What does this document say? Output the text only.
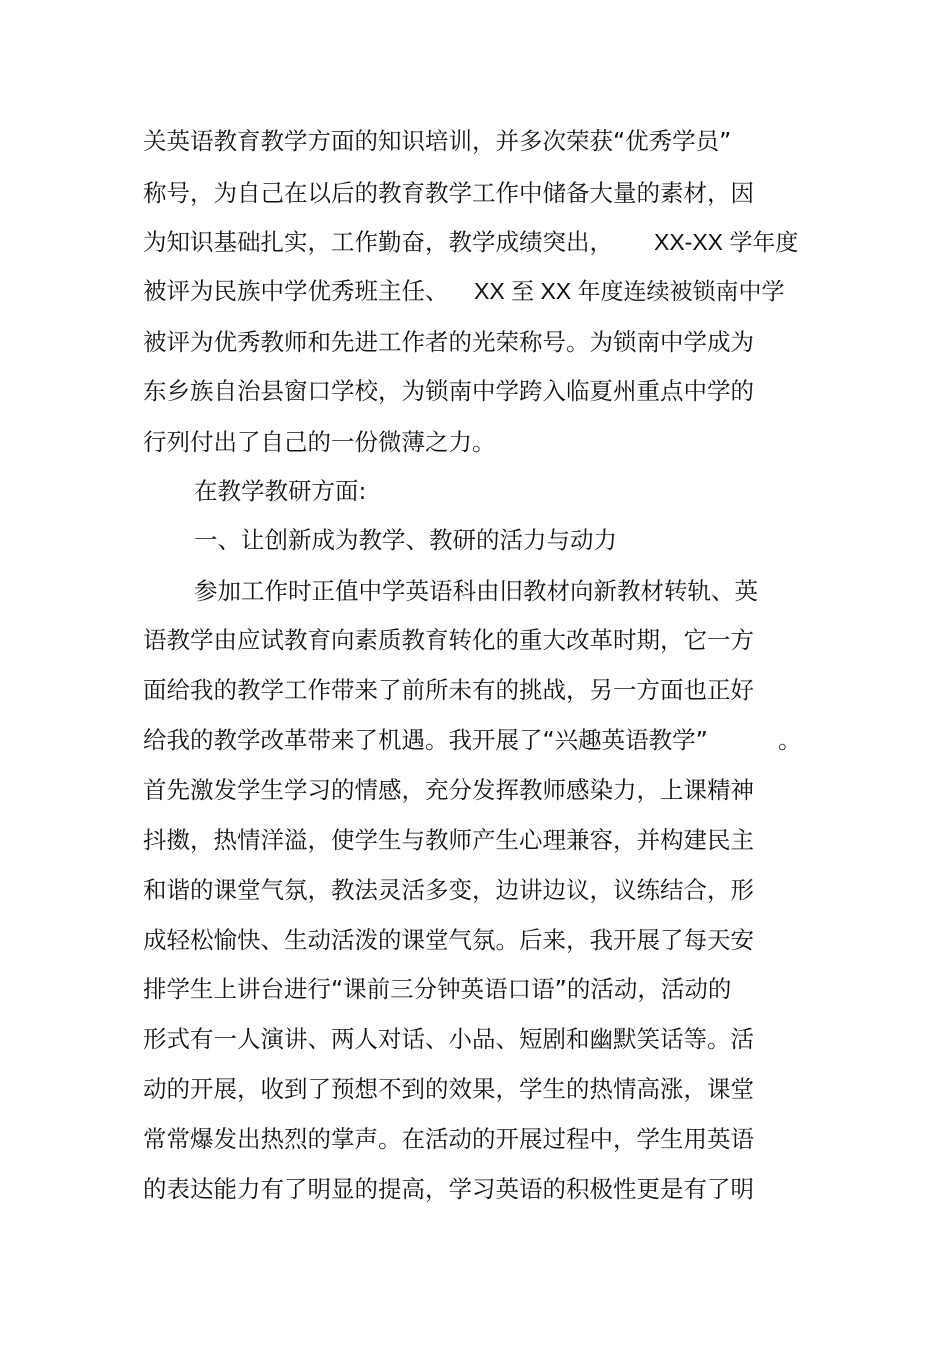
关英语教育教学方面的知识培训，并多次荣获“优秀学员”

称号，为自己在以后的教育教学工作中储备大量的素材，因

为知识基础扎实，工作勤奋，教学成绩突出，

XX-XX 学年度

被评为民族中学优秀班主任、

XX 至 XX 年度连续被锁南中学

被评为优秀教师和先进工作者的光荣称号。为锁南中学成为

东乡族自治县窗口学校，为锁南中学跨入临夏州重点中学的

行列付出了自己的一份微薄之力。

在教学教研方面:

一、让创新成为教学、教研的活力与动力

参加工作时正值中学英语科由旧教材向新教材转轨、英

语教学由应试教育向素质教育转化的重大改革时期，它一方

面给我的教学工作带来了前所未有的挑战，另一方面也正好

给我的教学改革带来了机遇。我开展了“兴趣英语教学”

	。

首先激发学生学习的情感，充分发挥教师感染力，上课精神

抖擞，热情洋溢，使学生与教师产生心理兼容，并构建民主

和谐的课堂气氛，教法灵活多变，边讲边议，议练结合，形

成轻松愉快、生动活泼的课堂气氛。后来，我开展了每天安

排学生上讲台进行“课前三分钟英语口语”的活动，活动的

形式有一人演讲、两人对话、小品、短剧和幽默笑话等。活

动的开展，收到了预想不到的效果，学生的热情高涨，课堂

常常爆发出热烈的掌声。在活动的开展过程中，学生用英语

的表达能力有了明显的提高，学习英语的积极性更是有了明
